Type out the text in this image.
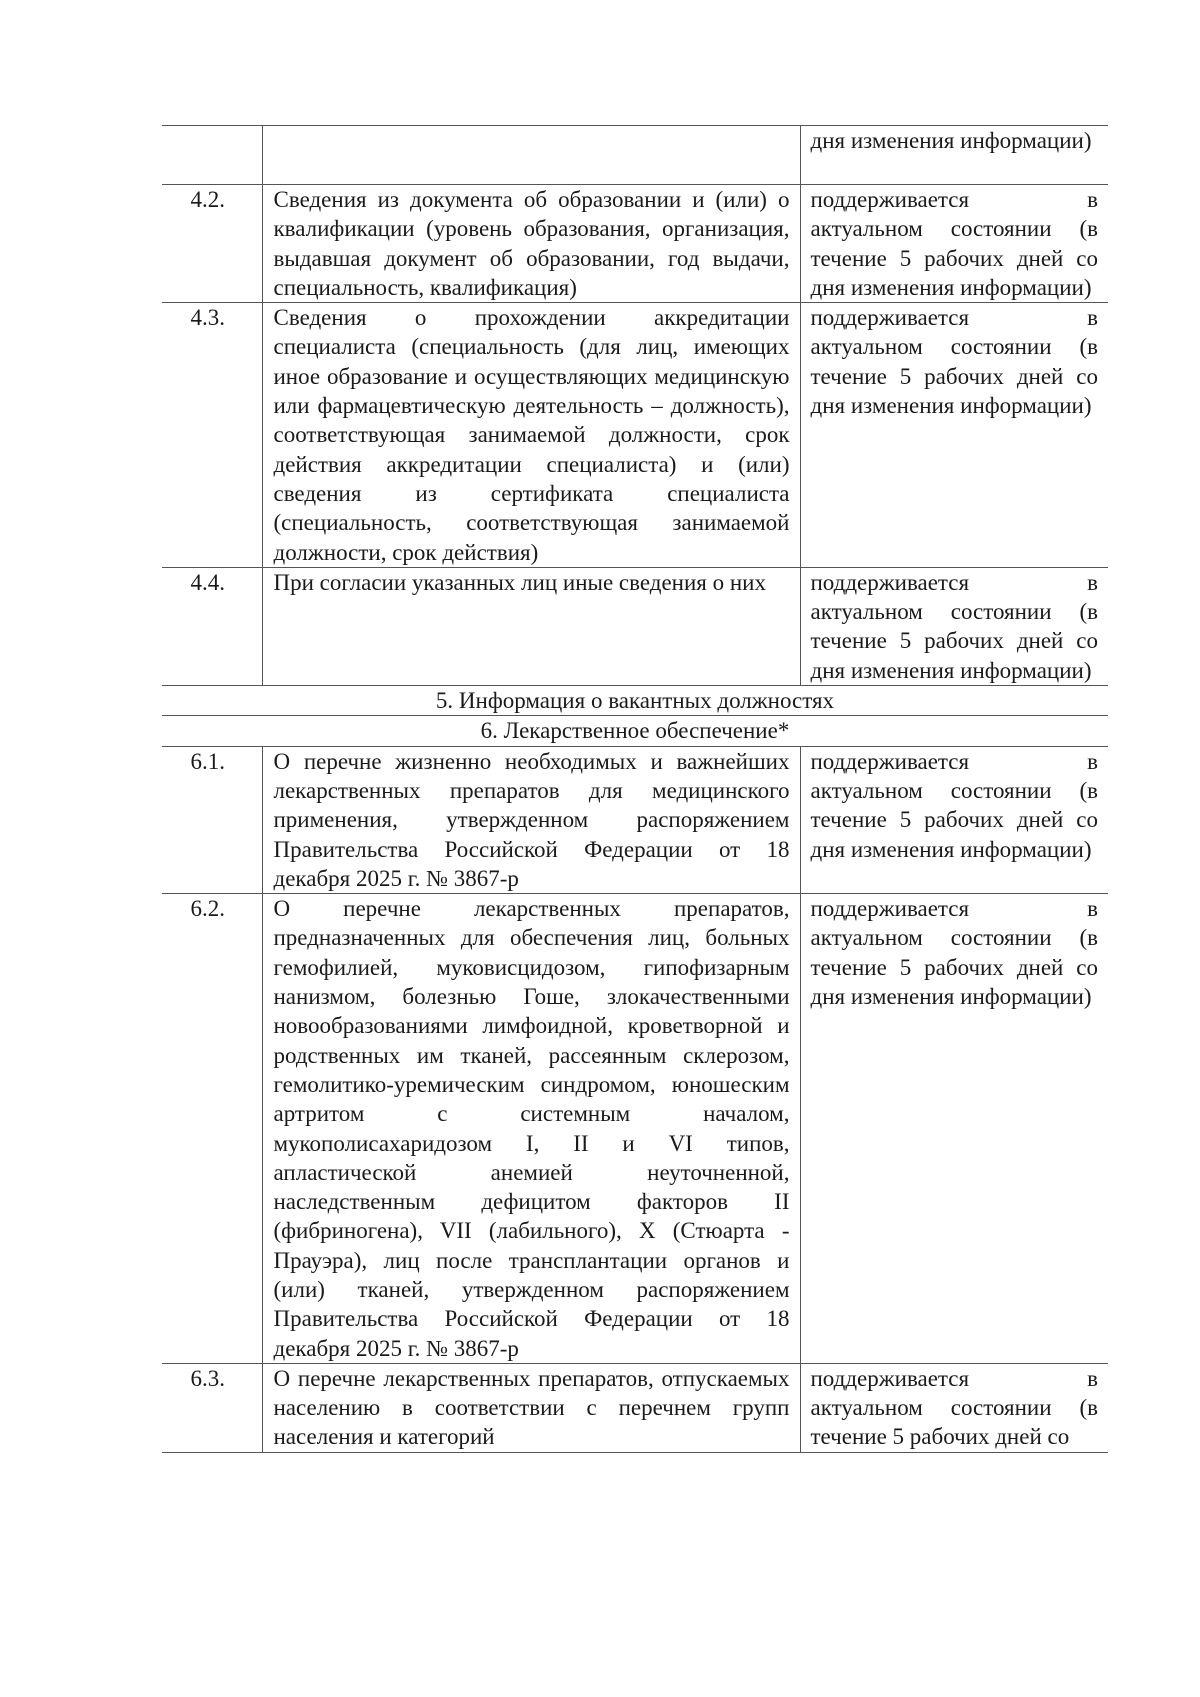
		дня изменения информации)

4.2.	Сведения из документа об образовании и (или) о квалификации (уровень образования, организация, выдавшая документ об образовании, год выдачи, специальность, квалификация)	поддерживается в актуальном состоянии (в течение 5 рабочих дней со дня изменения информации)

4.3.	Сведения о прохождении аккредитации специалиста (специальность (для лиц, имеющих иное образование и осуществляющих медицинскую или фармацевтическую деятельность – должность), соответствующая занимаемой должности, срок действия аккредитации специалиста) и (или) сведения из сертификата специалиста (специальность, соответствующая занимаемой должности, срок действия)	поддерживается в актуальном состоянии (в течение 5 рабочих дней со дня изменения информации)

4.4.	При согласии указанных лиц иные сведения о них	поддерживается в актуальном состоянии (в течение 5 рабочих дней со дня изменения информации)

5. Информация о вакантных должностях		

6. Лекарственное обеспечение*		

6.1.	О перечне жизненно необходимых и важнейших лекарственных препаратов для медицинского применения, утвержденном распоряжением Правительства Российской Федерации от 18 декабря 2025 г. № 3867-р	поддерживается в актуальном состоянии (в течение 5 рабочих дней со дня изменения информации)

6.2.	О перечне лекарственных препаратов, предназначенных для обеспечения лиц, больных гемофилией, муковисцидозом, гипофизарным нанизмом, болезнью Гоше, злокачественными новообразованиями лимфоидной, кроветворной и родственных им тканей, рассеянным склерозом, гемолитико-уремическим синдромом, юношеским артритом с системным началом, мукополисахаридозом I, II и VI типов, апластической анемией неуточненной, наследственным дефицитом факторов II (фибриногена), VII (лабильного), X (Стюарта - Прауэра), лиц после трансплантации органов и (или) тканей, утвержденном распоряжением Правительства Российской Федерации от 18 декабря 2025 г. № 3867-р	поддерживается в актуальном состоянии (в течение 5 рабочих дней со дня изменения информации)

6.3.	О перечне лекарственных препаратов, отпускаемых населению в соответствии с перечнем групп населения и категорий	поддерживается в актуальном состоянии (в течение 5 рабочих дней со
